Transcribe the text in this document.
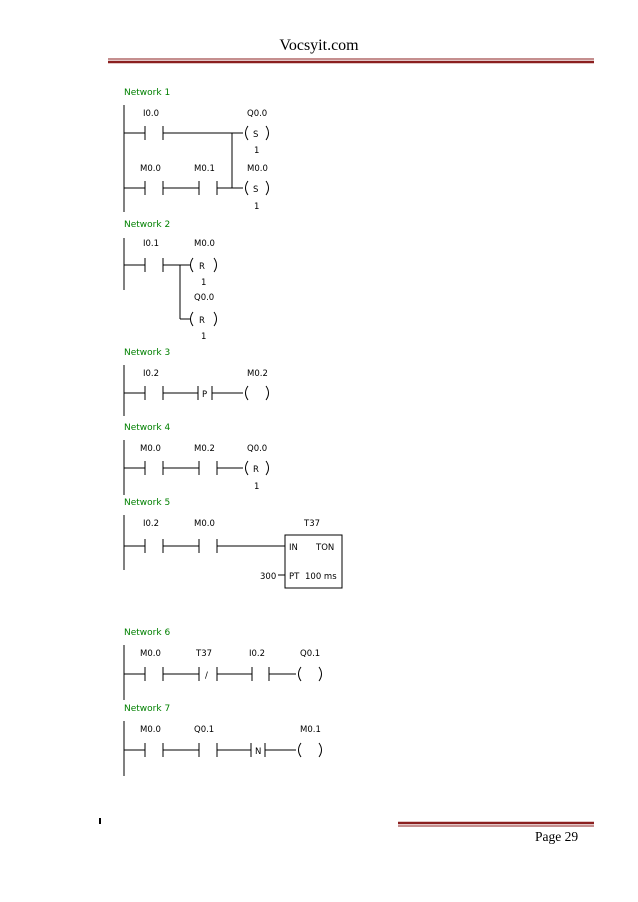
Vocsyit.com
Page 29
Network 1
I0.0	Q0.0
S
1
M0.0	M0.1	M0.0
S
1
Network 2
I0.1	M0.0
R
1
Q0.0
R
1
Network 3
I0.2
P
M0.2
Network 4
M0.0	M0.2	Q0.0
R
1
Network 5
I0.2	M0.0	T37
IN TON
PT 100 ms
300
Network 6
M0.0	T37	I0.2
/
Q0.1
Network 7
M0.0	Q0.1
N
M0.1
